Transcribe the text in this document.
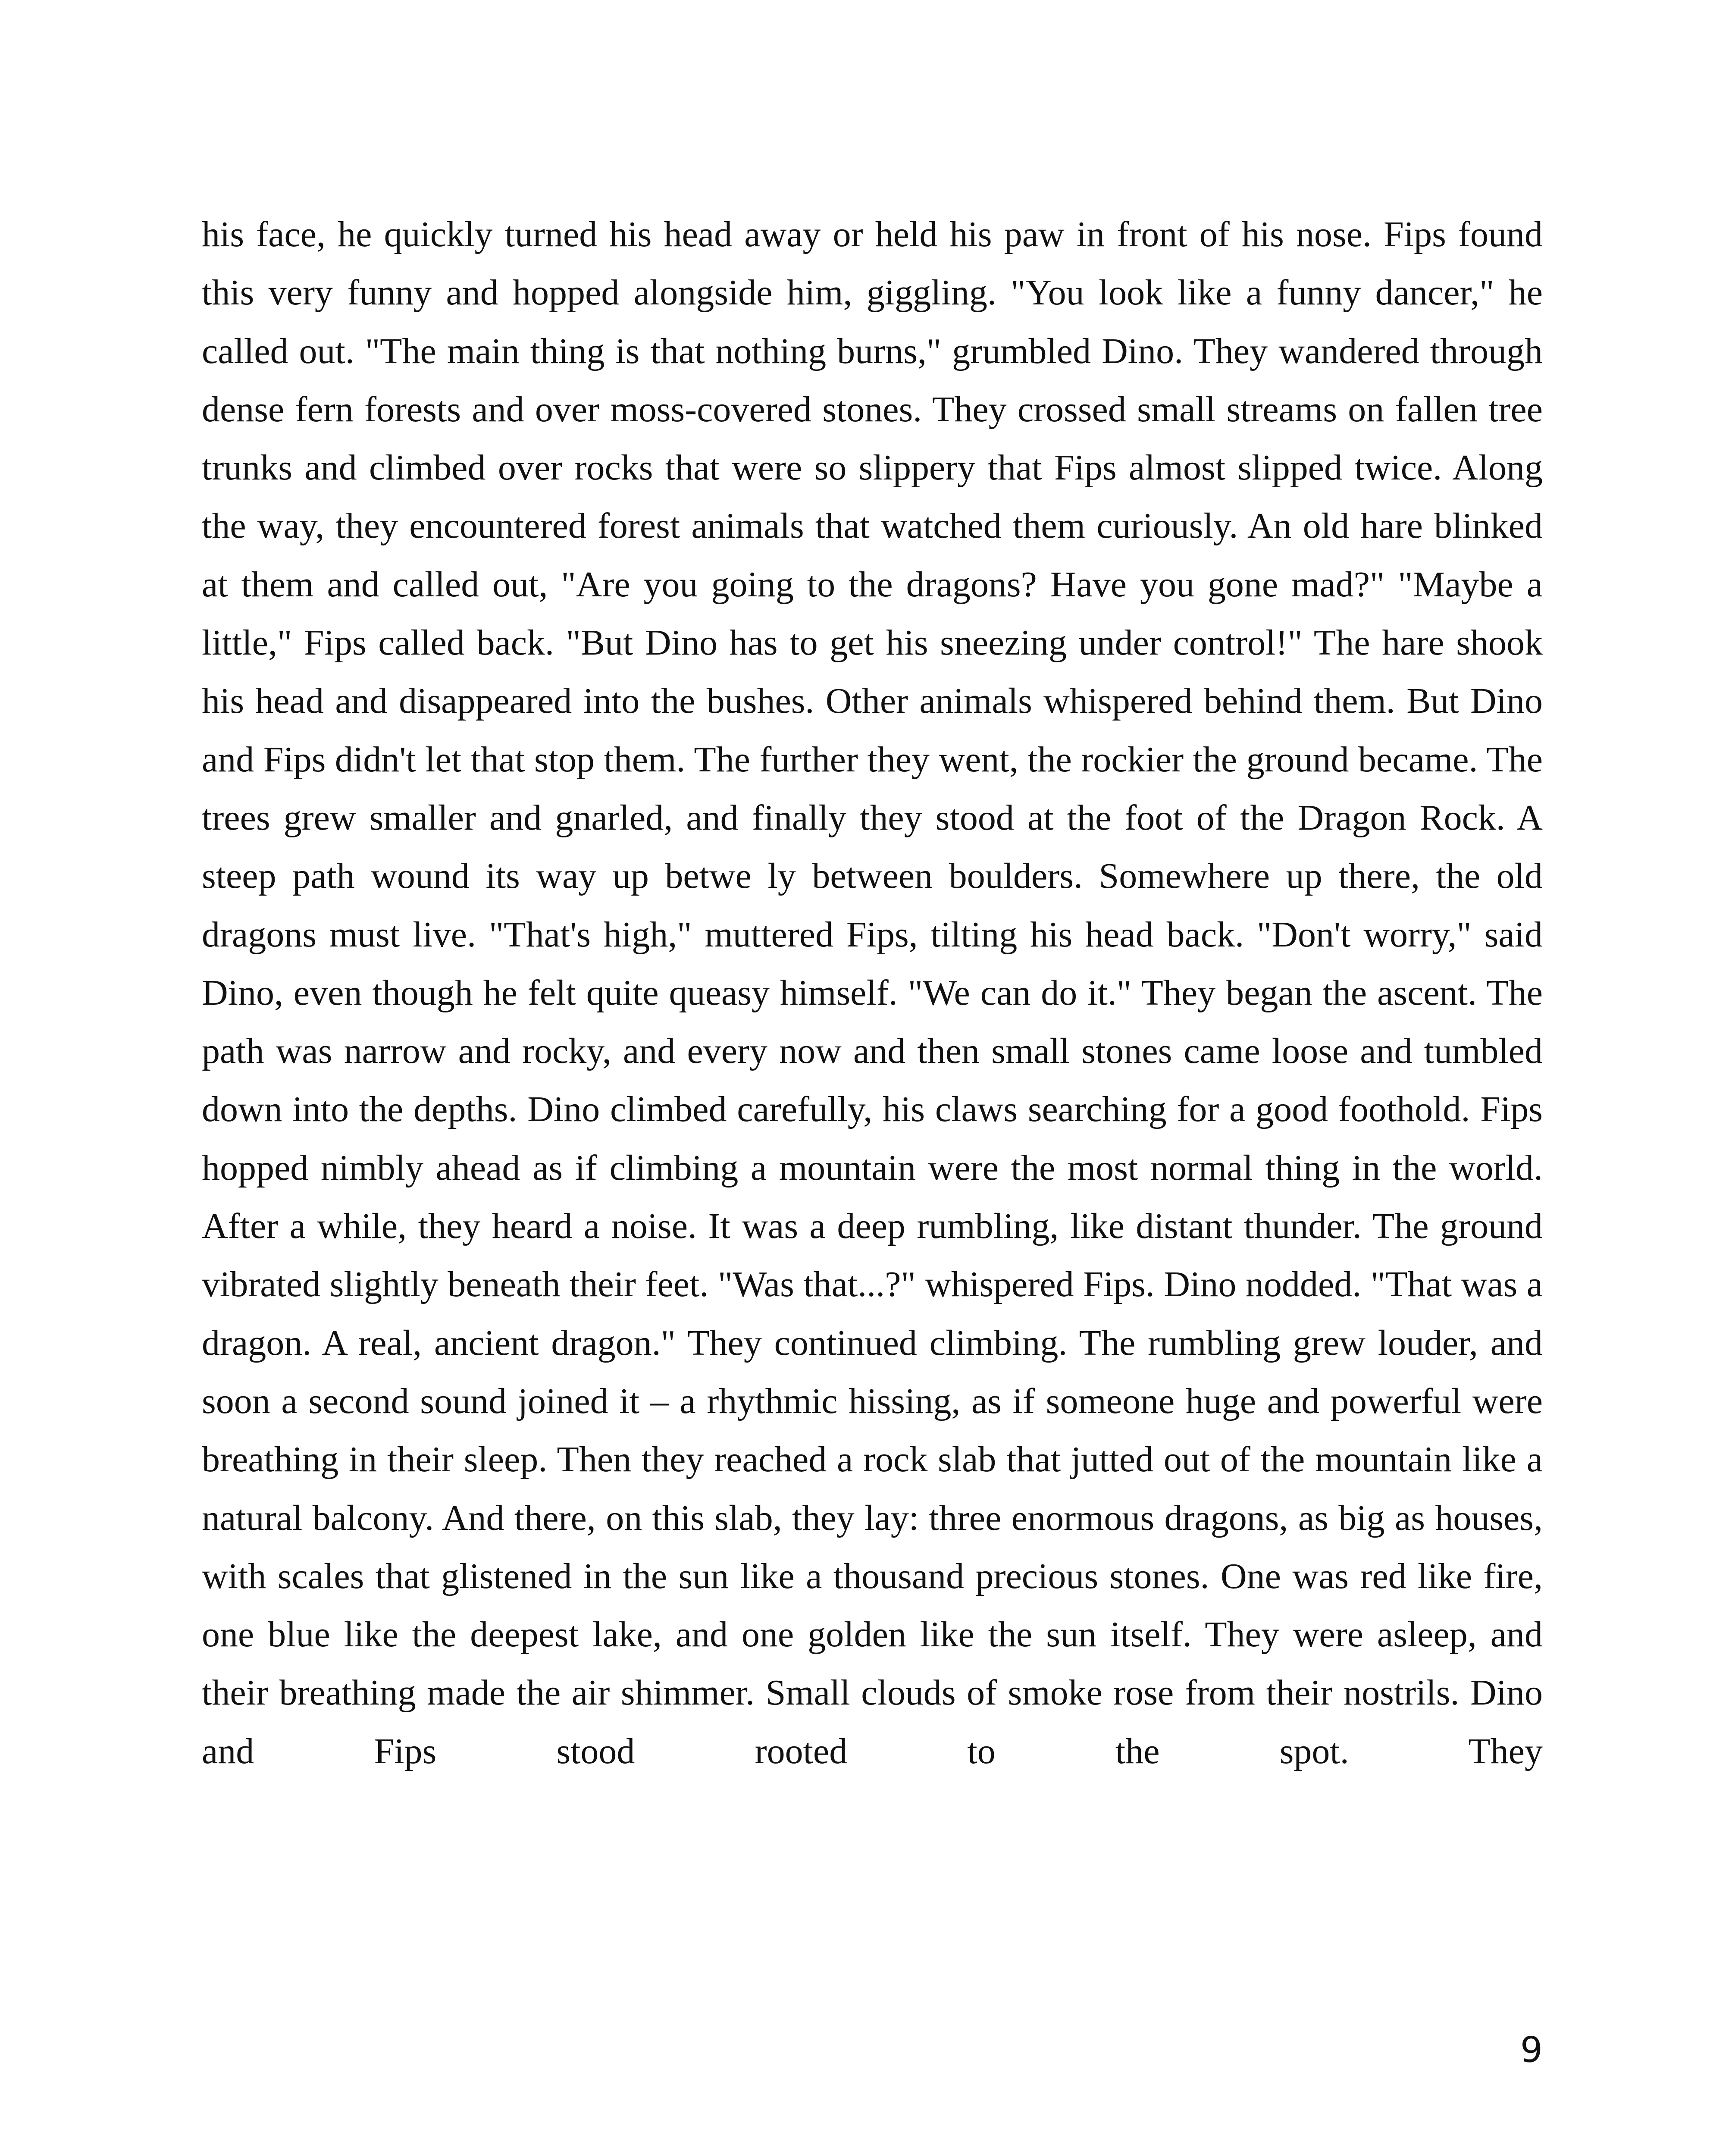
his face, he quickly turned his head away or held his paw in front of his nose. Fips found this very funny and hopped alongside him, giggling. "You look like a funny dancer," he called out. "The main thing is that nothing burns," grumbled Dino. They wandered through dense fern forests and over moss-covered stones. They crossed small streams on fallen tree trunks and climbed over rocks that were so slippery that Fips almost slipped twice. Along the way, they encountered forest animals that watched them curiously. An old hare blinked at them and called out, "Are you going to the dragons? Have you gone mad?" "Maybe a little," Fips called back. "But Dino has to get his sneezing under control!" The hare shook his head and disappeared into the bushes. Other animals whispered behind them. But Dino and Fips didn't let that stop them. The further they went, the rockier the ground became. The trees grew smaller and gnarled, and finally they stood at the foot of the Dragon Rock. A steep path wound its way up betwe ly between boulders. Somewhere up there, the old dragons must live. "That's high," muttered Fips, tilting his head back. "Don't worry," said Dino, even though he felt quite queasy himself. "We can do it." They began the ascent. The path was narrow and rocky, and every now and then small stones came loose and tumbled down into the depths. Dino climbed carefully, his claws searching for a good foothold. Fips hopped nimbly ahead as if climbing a mountain were the most normal thing in the world. After a while, they heard a noise. It was a deep rumbling, like distant thunder. The ground vibrated slightly beneath their feet. "Was that...?" whispered Fips. Dino nodded. "That was a dragon. A real, ancient dragon." They continued climbing. The rumbling grew louder, and soon a second sound joined it – a rhythmic hissing, as if someone huge and powerful were breathing in their sleep. Then they reached a rock slab that jutted out of the mountain like a natural balcony. And there, on this slab, they lay: three enormous dragons, as big as houses, with scales that glistened in the sun like a thousand precious stones. One was red like fire, one blue like the deepest lake, and one golden like the sun itself. They were asleep, and their breathing made the air shimmer. Small clouds of smoke rose from their nostrils. Dino and Fips stood rooted to the spot. They

9
